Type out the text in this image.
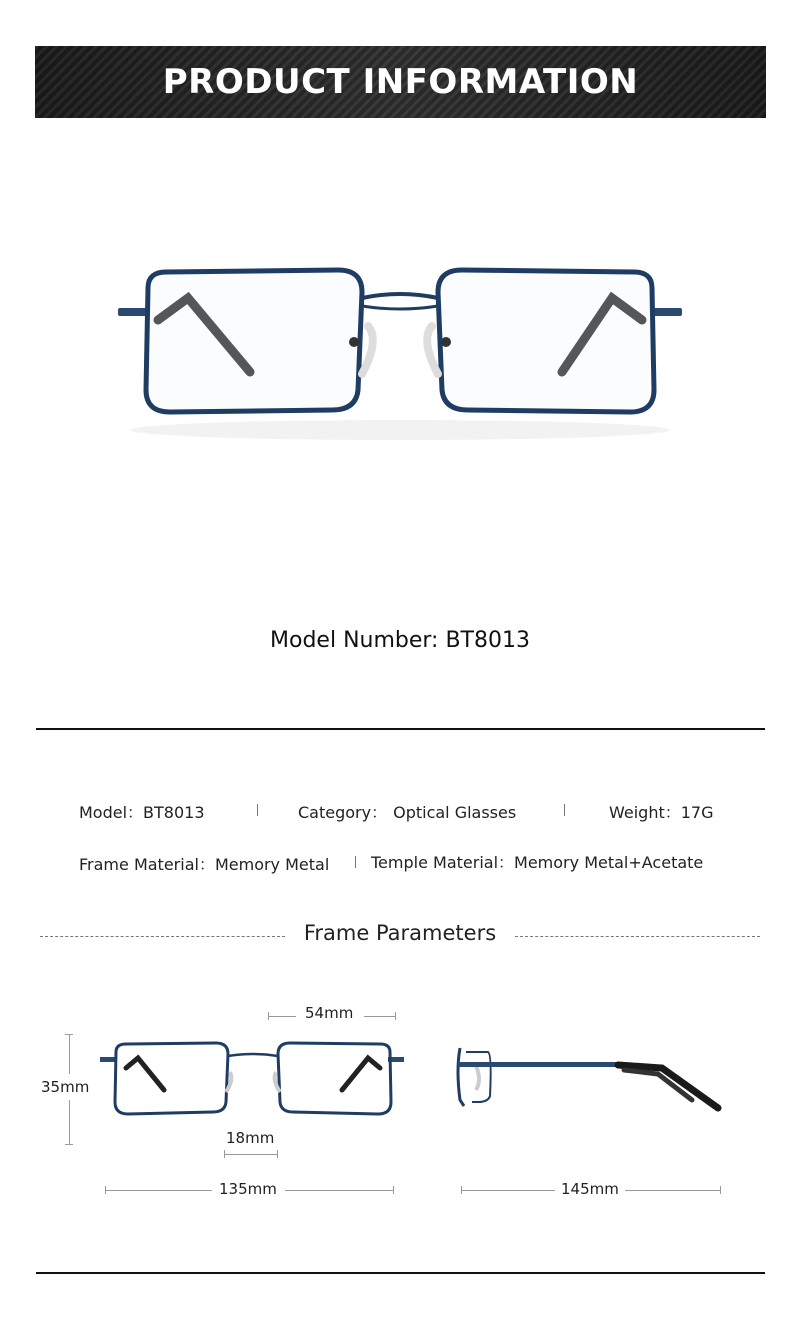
PRODUCT INFORMATION
Model Number: BT8013
Model：BT8013	Category： Optical Glasses	Weight：17G
Frame Material：Memory Metal	Temple Material：Memory Metal+Acetate
Frame Parameters
54mm
35mm
18mm
135mm	145mm
